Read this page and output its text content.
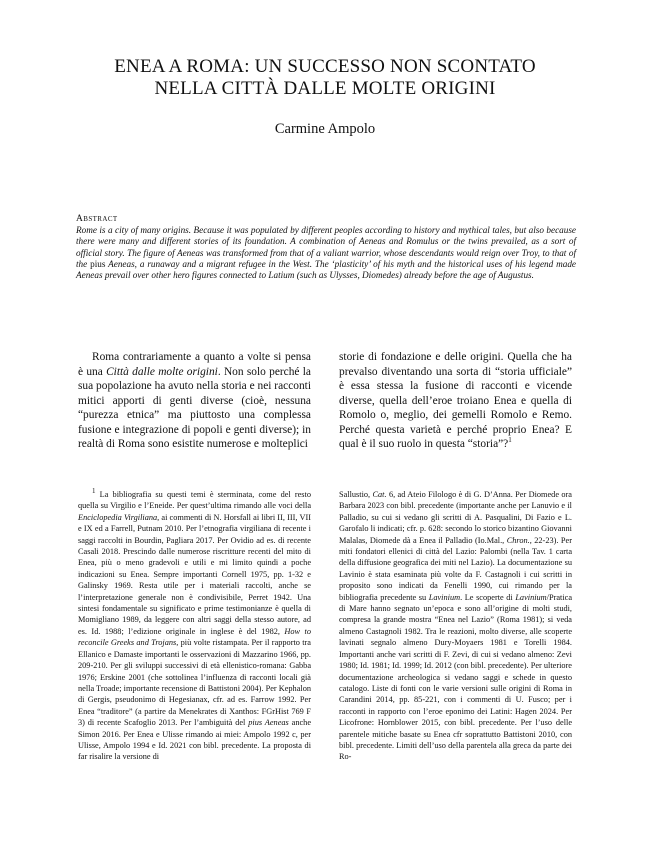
ENEA A ROMA: UN SUCCESSO NON SCONTATO
NELLA CITTÀ DALLE MOLTE ORIGINI
Carmine Ampolo
Abstract
Rome is a city of many origins. Because it was populated by different peoples according to history and mythical tales, but also because there were many and different stories of its foundation. A combination of Aeneas and Romulus or the twins prevailed, as a sort of official story. The figure of Aeneas was transformed from that of a valiant warrior, whose descendants would reign over Troy, to that of the pius Aeneas, a runaway and a migrant refugee in the West. The ‘plasticity’ of his myth and the historical uses of his legend made Aeneas prevail over other hero figures connected to Latium (such as Ulysses, Diomedes) already before the age of Augustus.

Roma contrariamente a quanto a volte si pensa è una Città dalle molte origini. Non solo perché la sua popolazione ha avuto nella storia e nei racconti mitici apporti di genti diverse (cioè, nessuna “purezza etnica” ma piuttosto una complessa fusione e integrazione di popoli e genti diverse); in realtà di Roma sono esistite numerose e molteplici

storie di fondazione e delle origini. Quella che ha prevalso diventando una sorta di “storia ufficiale” è essa stessa la fusione di racconti e vicende diverse, quella dell’eroe troiano Enea e quella di Romolo o, meglio, dei gemelli Romolo e Remo. Perché questa varietà e perché proprio Enea? E qual è il suo ruolo in questa “storia”?$^1$

$^1$ La bibliografia su questi temi è sterminata, come del resto quella su Virgilio e l’Eneide. Per quest’ultima rimando alle voci della Enciclopedia Virgiliana, ai commenti di N. Horsfall ai libri II, III, VII e IX ed a Farrell, Putnam 2010. Per l’etnografia virgiliana di recente i saggi raccolti in Bourdin, Pagliara 2017. Per Ovidio ad es. di recente Casali 2018. Prescindo dalle numerose riscritture recenti del mito di Enea, più o meno gradevoli e utili e mi limito quindi a poche indicazioni su Enea. Sempre importanti Cornell 1975, pp. 1-32 e Galinsky 1969. Resta utile per i materiali raccolti, anche se l’interpretazione generale non è condivisibile, Perret 1942. Una sintesi fondamentale su significato e prime testimonianze è quella di Momigliano 1989, da leggere con altri saggi della stesso autore, ad es. Id. 1988; l’edizione originale in inglese è del 1982, How to reconcile Greeks and Trojans, più volte ristampata. Per il rapporto tra Ellanico e Damaste importanti le osservazioni di Mazzarino 1966, pp. 209-210. Per gli sviluppi successivi di età ellenistico-romana: Gabba 1976; Erskine 2001 (che sottolinea l’influenza di racconti locali già nella Troade; importante recensione di Battistoni 2004). Per Kephalon di Gergis, pseudonimo di Hegesianax, cfr. ad es. Farrow 1992. Per Enea “traditore” (a partire da Menekrates di Xanthos: FGrHist 769 F 3) di recente Scafoglio 2013. Per l’ambiguità del pius Aeneas anche Simon 2016. Per Enea e Ulisse rimando ai miei: Ampolo 1992 c, per Ulisse, Ampolo 1994 e Id. 2021 con bibl. precedente. La proposta di far risalire la versione di

Sallustio, Cat. 6, ad Ateio Filologo è di G. D’Anna. Per Diomede ora Barbara 2023 con bibl. precedente (importante anche per Lanuvio e il Palladio, su cui si vedano gli scritti di A. Pasqualini, Di Fazio e L. Garofalo li indicati; cfr. p. 628: secondo lo storico bizantino Giovanni Malalas, Diomede dà a Enea il Palladio (Io.Mal., Chron., 22-23). Per miti fondatori ellenici di città del Lazio: Palombi (nella Tav. 1 carta della diffusione geografica dei miti nel Lazio). La documentazione su Lavinio è stata esaminata più volte da F. Castagnoli i cui scritti in proposito sono indicati da Fenelli 1990, cui rimando per la bibliografia precedente su Lavinium. Le scoperte di Lavinium/Pratica di Mare hanno segnato un’epoca e sono all’origine di molti studi, compresa la grande mostra “Enea nel Lazio” (Roma 1981); si veda almeno Castagnoli 1982. Tra le reazioni, molto diverse, alle scoperte lavinati segnalo almeno Dury-Moyaers 1981 e Torelli 1984. Importanti anche vari scritti di F. Zevi, di cui si vedano almeno: Zevi 1980; Id. 1981; Id. 1999; Id. 2012 (con bibl. precedente). Per ulteriore documentazione archeologica si vedano saggi e schede in questo catalogo. Liste di fonti con le varie versioni sulle origini di Roma in Carandini 2014, pp. 85-221, con i commenti di U. Fusco; per i racconti in rapporto con l’eroe eponimo dei Latini: Hagen 2024. Per Licofrone: Hornblower 2015, con bibl. precedente. Per l’uso delle parentele mitiche basate su Enea cfr soprattutto Battistoni 2010, con bibl. precedente. Limiti dell’uso della parentela alla greca da parte dei Ro-
